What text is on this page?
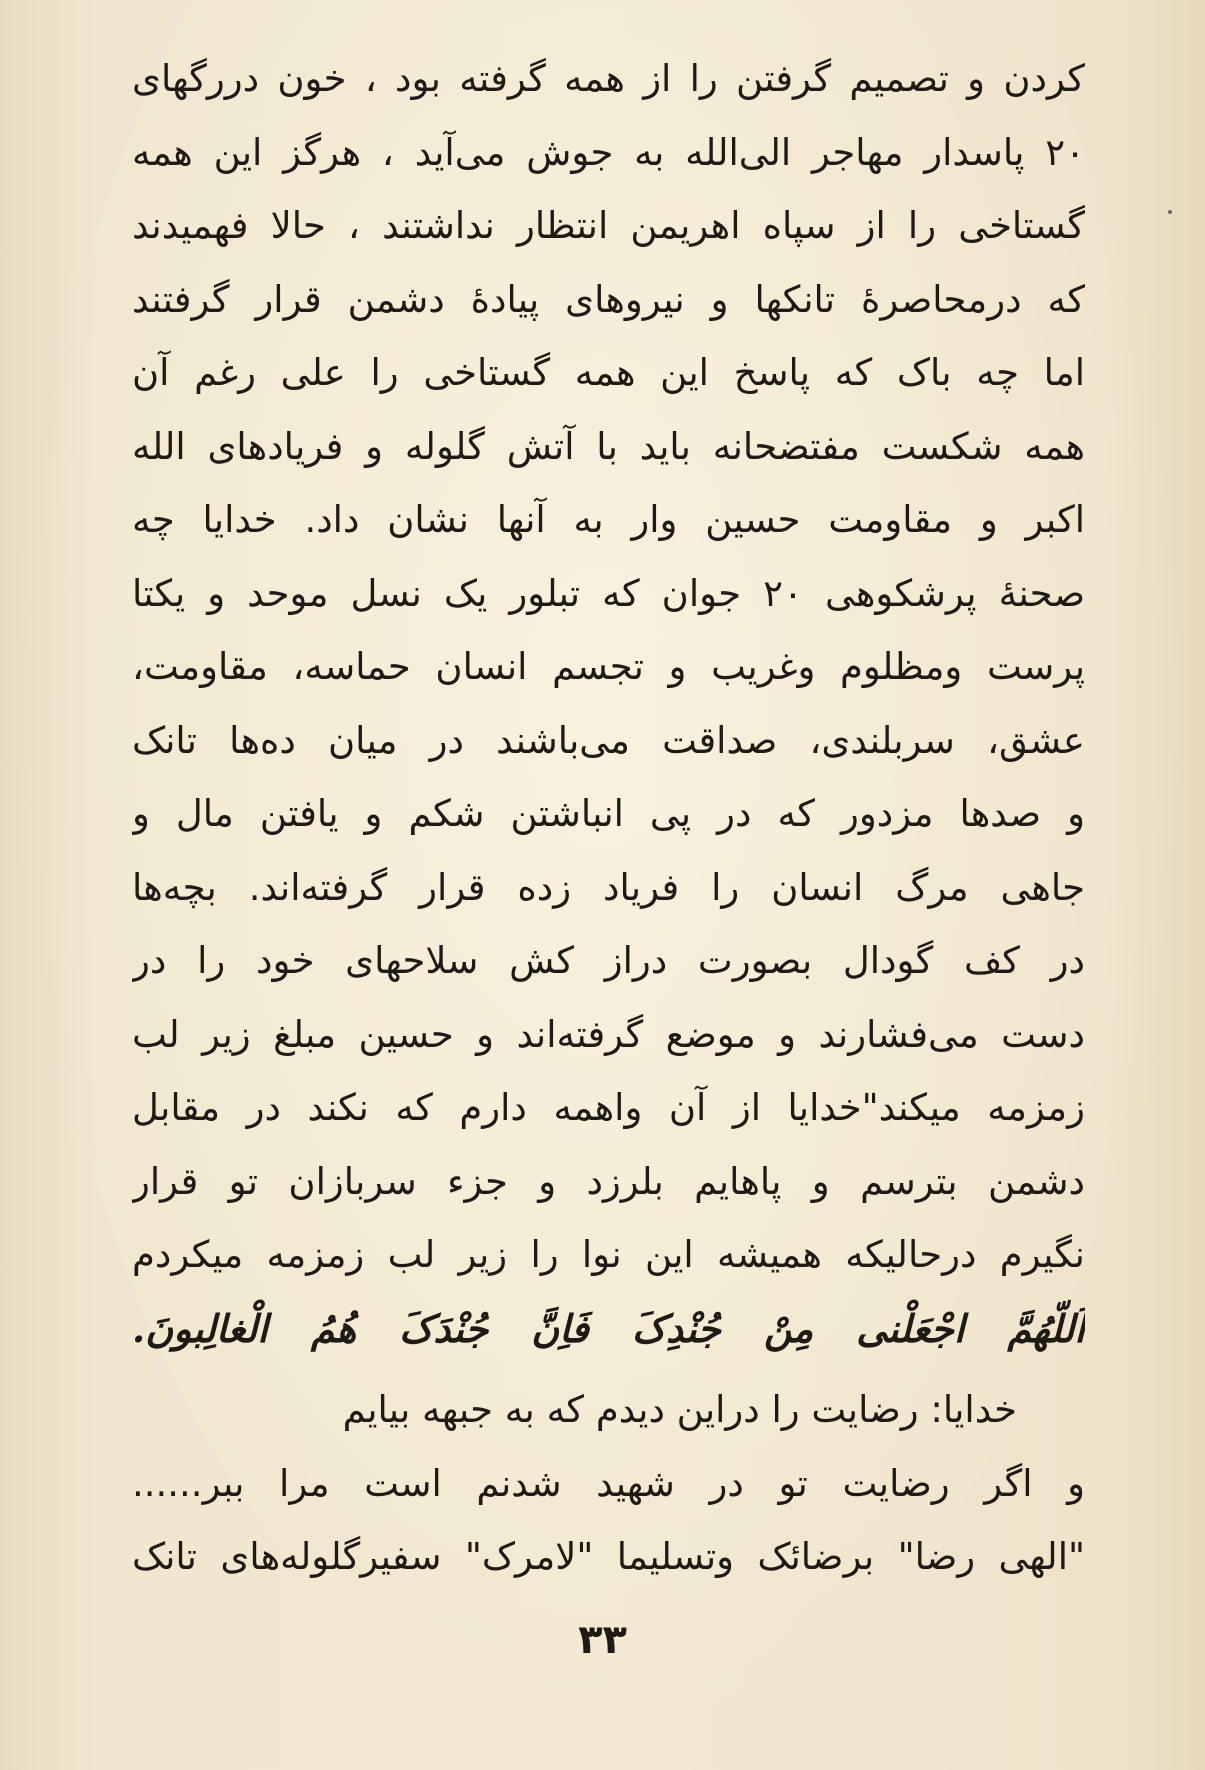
کردن و تصمیم گرفتن را از همه گرفته بود ، خون دررگهای
۲۰ پاسدار مهاجر الی‌الله به جوش می‌آید ، هرگز این همه
گستاخی را از سپاه اهریمن انتظار نداشتند ، حالا فهمیدند
که درمحاصرهٔ تانکها و نیروهای پیادهٔ دشمن قرار گرفتند
اما چه باک که پاسخ این همه گستاخی را علی رغم آن
همه شکست مفتضحانه باید با آتش گلوله و فریادهای الله
اکبر و مقاومت حسین وار به آنها نشان داد. خدایا چه
صحنهٔ پرشکوهی ۲۰ جوان که تبلور یک نسل موحد و یکتا
پرست ومظلوم وغریب و تجسم انسان حماسه، مقاومت،
عشق، سربلندی، صداقت می‌باشند در میان ده‌ها تانک
و صدها مزدور که در پی انباشتن شکم و یافتن مال و
جاهی مرگ انسان را فریاد زده قرار گرفته‌اند. بچه‌ها
در کف گودال بصورت دراز کش سلاحهای خود را در
دست می‌فشارند و موضع گرفته‌اند و حسین مبلغ زیر لب
زمزمه میکند"خدایا از آن واهمه دارم که نکند در مقابل
دشمن بترسم و پاهایم بلرزد و جزء سربازان تو قرار
نگیرم درحالیکه همیشه این نوا را زیر لب زمزمه میکردم
اَللّهُمَّ اجْعَلْنی مِنْ جُنْدِکَ فَاِنَّ جُنْدَکَ هُمُ الْغالِبونَ.
خدایا: رضایت را دراین دیدم که به جبهه بیایم
و اگر رضایت تو در شهید شدنم است مرا ببر......
"الهی رضا" برضائک وتسلیما "لامرک" سفیرگلوله‌های تانک
۳۳
